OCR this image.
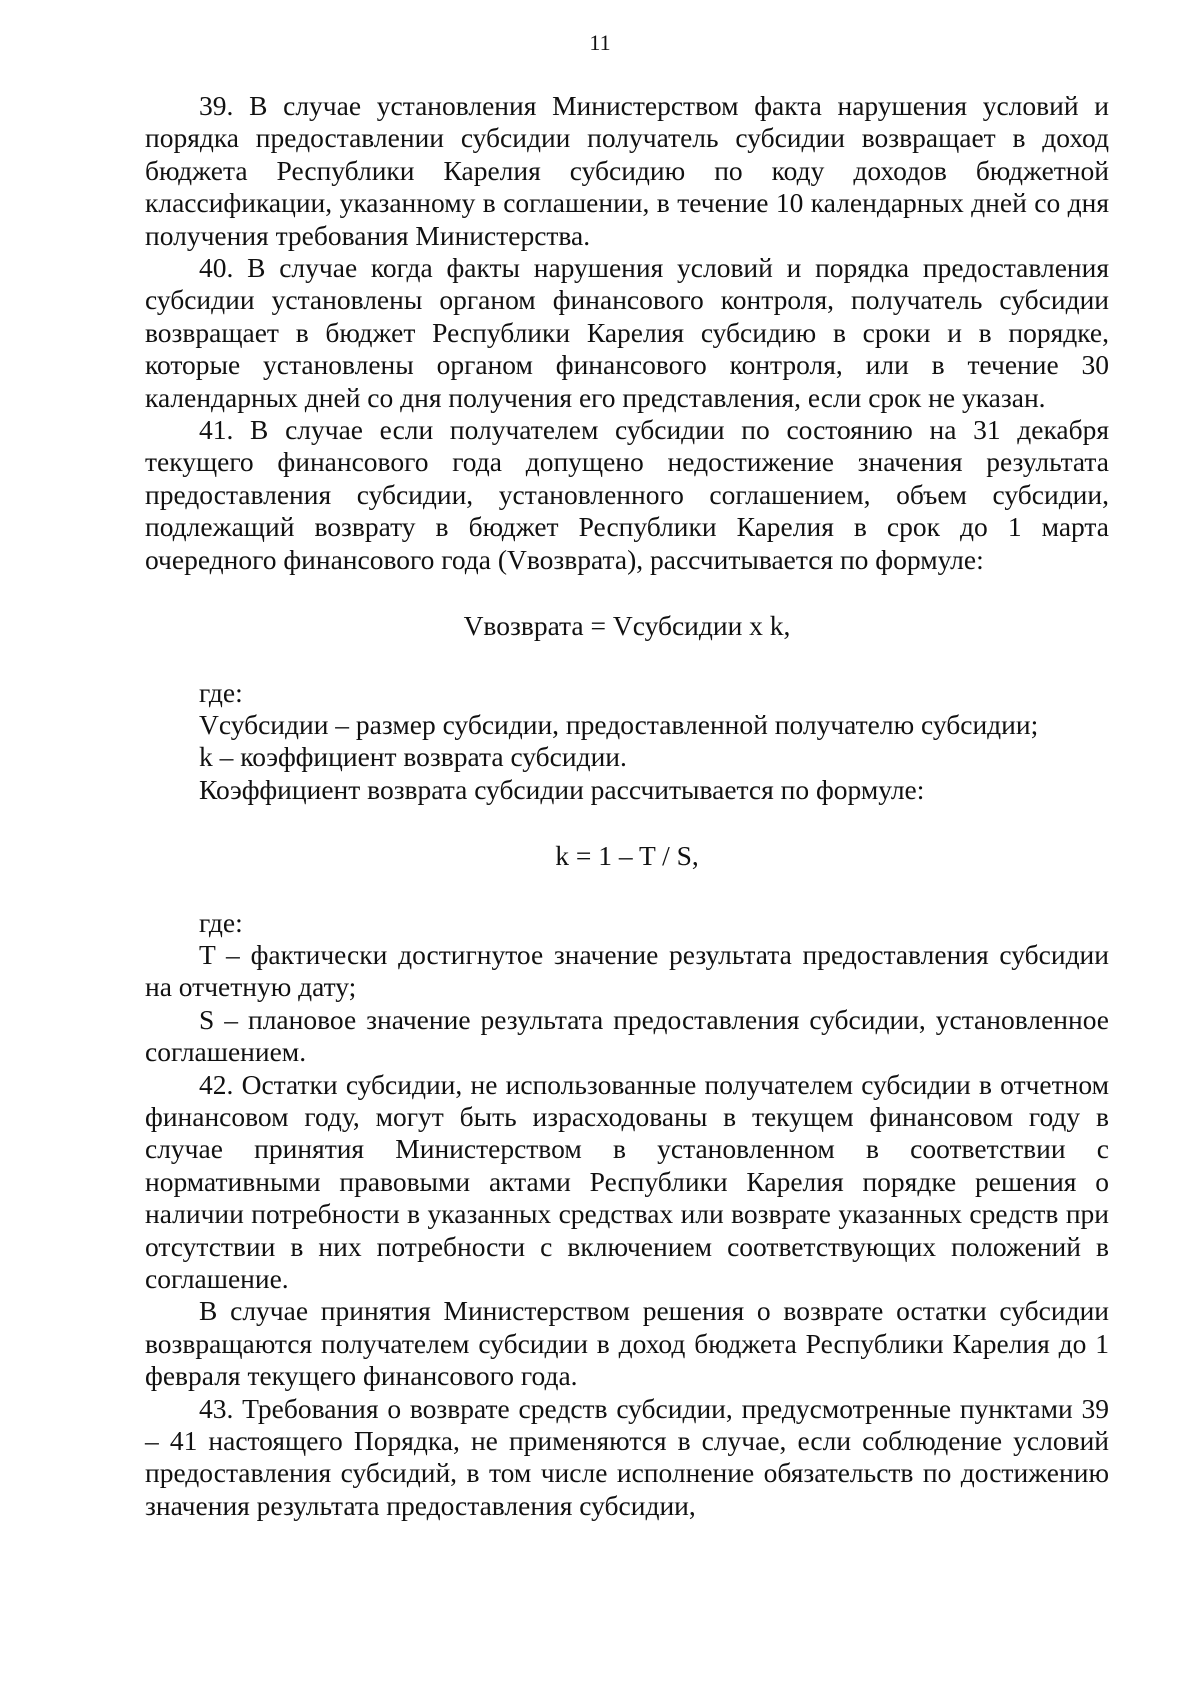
11

39. В случае установления Министерством факта нарушения условий и порядка предоставлении субсидии получатель субсидии возвращает в доход бюджета Республики Карелия субсидию по коду доходов бюджетной классификации, указанному в соглашении, в течение 10 календарных дней со дня получения требования Министерства.

40. В случае когда факты нарушения условий и порядка предоставления субсидии установлены органом финансового контроля, получатель субсидии возвращает в бюджет Республики Карелия субсидию в сроки и в порядке, которые установлены органом финансового контроля, или в течение 30 календарных дней со дня получения его представления, если срок не указан.

41. В случае если получателем субсидии по состоянию на 31 декабря текущего финансового года допущено недостижение значения результата предоставления субсидии, установленного соглашением, объем субсидии, подлежащий возврату в бюджет Республики Карелия в срок до 1 марта очередного финансового года (Vвозврата), рассчитывается по формуле:

Vвозврата = Vсубсидии x k,

где:

Vсубсидии – размер субсидии, предоставленной получателю субсидии;

k – коэффициент возврата субсидии.

Коэффициент возврата субсидии рассчитывается по формуле:

k = 1 – T / S,

где:

T – фактически достигнутое значение результата предоставления субсидии на отчетную дату;

S – плановое значение результата предоставления субсидии, установленное соглашением.

42. Остатки субсидии, не использованные получателем субсидии в отчетном финансовом году, могут быть израсходованы в текущем финансовом году в случае принятия Министерством в установленном в соответствии с нормативными правовыми актами Республики Карелия порядке решения о наличии потребности в указанных средствах или возврате указанных средств при отсутствии в них потребности с включением соответствующих положений в соглашение.

В случае принятия Министерством решения о возврате остатки субсидии возвращаются получателем субсидии в доход бюджета Республики Карелия до 1 февраля текущего финансового года.

43. Требования о возврате средств субсидии, предусмотренные пунктами 39 – 41 настоящего Порядка, не применяются в случае, если соблюдение условий предоставления субсидий, в том числе исполнение обязательств по достижению значения результата предоставления субсидии,
